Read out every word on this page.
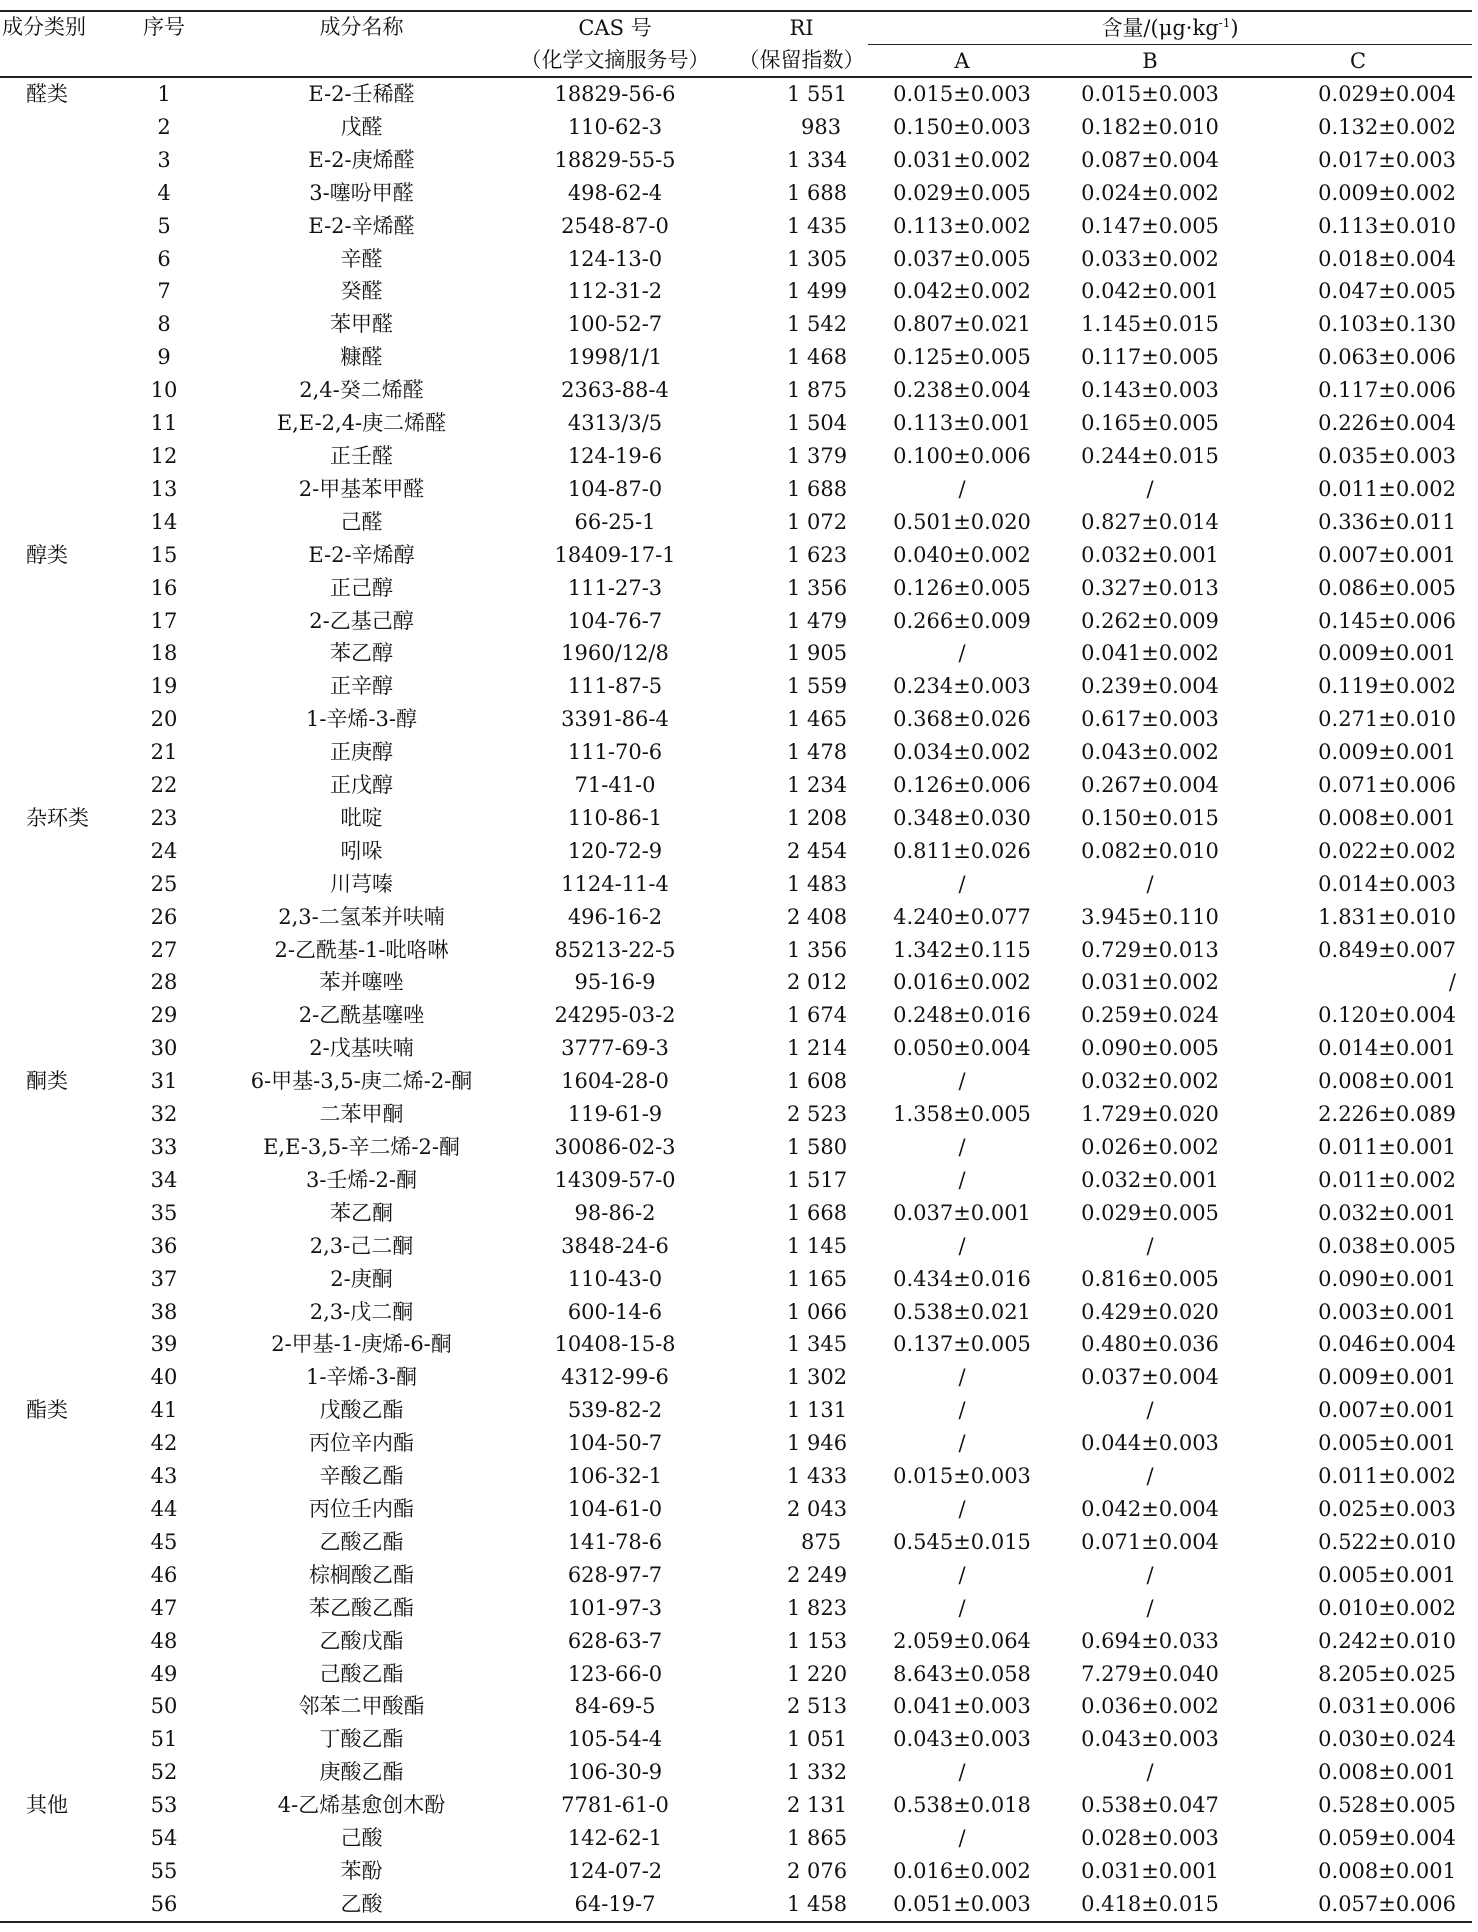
成分类别	序号	成分名称	CAS 号	RI	含量$/(\mu g\cdot kg^{-1})$		
			（化学文摘服务号）	（保留指数）	A	B	C
醛类	1	E-2-壬稀醛	18829-56-6	1 551	0.015±0.003	0.015±0.003	0.029±0.004
	2	戊醛	110-62-3	983	0.150±0.003	0.182±0.010	0.132±0.002
	3	E-2-庚烯醛	18829-55-5	1 334	0.031±0.002	0.087±0.004	0.017±0.003
	4	3-噻吩甲醛	498-62-4	1 688	0.029±0.005	0.024±0.002	0.009±0.002
	5	E-2-辛烯醛	2548-87-0	1 435	0.113±0.002	0.147±0.005	0.113±0.010
	6	辛醛	124-13-0	1 305	0.037±0.005	0.033±0.002	0.018±0.004
	7	癸醛	112-31-2	1 499	0.042±0.002	0.042±0.001	0.047±0.005
	8	苯甲醛	100-52-7	1 542	0.807±0.021	1.145±0.015	0.103±0.130
	9	糠醛	1998/1/1	1 468	0.125±0.005	0.117±0.005	0.063±0.006
	10	2,4-癸二烯醛	2363-88-4	1 875	0.238±0.004	0.143±0.003	0.117±0.006
	11	E,E-2,4-庚二烯醛	4313/3/5	1 504	0.113±0.001	0.165±0.005	0.226±0.004
	12	正壬醛	124-19-6	1 379	0.100±0.006	0.244±0.015	0.035±0.003
	13	2-甲基苯甲醛	104-87-0	1 688	/	/	0.011±0.002
	14	己醛	66-25-1	1 072	0.501±0.020	0.827±0.014	0.336±0.011
醇类	15	E-2-辛烯醇	18409-17-1	1 623	0.040±0.002	0.032±0.001	0.007±0.001
	16	正己醇	111-27-3	1 356	0.126±0.005	0.327±0.013	0.086±0.005
	17	2-乙基己醇	104-76-7	1 479	0.266±0.009	0.262±0.009	0.145±0.006
	18	苯乙醇	1960/12/8	1 905	/	0.041±0.002	0.009±0.001
	19	正辛醇	111-87-5	1 559	0.234±0.003	0.239±0.004	0.119±0.002
	20	1-辛烯-3-醇	3391-86-4	1 465	0.368±0.026	0.617±0.003	0.271±0.010
	21	正庚醇	111-70-6	1 478	0.034±0.002	0.043±0.002	0.009±0.001
	22	正戊醇	71-41-0	1 234	0.126±0.006	0.267±0.004	0.071±0.006
杂环类	23	吡啶	110-86-1	1 208	0.348±0.030	0.150±0.015	0.008±0.001
	24	吲哚	120-72-9	2 454	0.811±0.026	0.082±0.010	0.022±0.002
	25	川芎嗪	1124-11-4	1 483	/	/	0.014±0.003
	26	2,3-二氢苯并呋喃	496-16-2	2 408	4.240±0.077	3.945±0.110	1.831±0.010
	27	2-乙酰基-1-吡咯啉	85213-22-5	1 356	1.342±0.115	0.729±0.013	0.849±0.007
	28	苯并噻唑	95-16-9	2 012	0.016±0.002	0.031±0.002	/
	29	2-乙酰基噻唑	24295-03-2	1 674	0.248±0.016	0.259±0.024	0.120±0.004
	30	2-戊基呋喃	3777-69-3	1 214	0.050±0.004	0.090±0.005	0.014±0.001
酮类	31	6-甲基-3,5-庚二烯-2-酮	1604-28-0	1 608	/	0.032±0.002	0.008±0.001
	32	二苯甲酮	119-61-9	2 523	1.358±0.005	1.729±0.020	2.226±0.089
	33	E,E-3,5-辛二烯-2-酮	30086-02-3	1 580	/	0.026±0.002	0.011±0.001
	34	3-壬烯-2-酮	14309-57-0	1 517	/	0.032±0.001	0.011±0.002
	35	苯乙酮	98-86-2	1 668	0.037±0.001	0.029±0.005	0.032±0.001
	36	2,3-己二酮	3848-24-6	1 145	/	/	0.038±0.005
	37	2-庚酮	110-43-0	1 165	0.434±0.016	0.816±0.005	0.090±0.001
	38	2,3-戊二酮	600-14-6	1 066	0.538±0.021	0.429±0.020	0.003±0.001
	39	2-甲基-1-庚烯-6-酮	10408-15-8	1 345	0.137±0.005	0.480±0.036	0.046±0.004
	40	1-辛烯-3-酮	4312-99-6	1 302	/	0.037±0.004	0.009±0.001
酯类	41	戊酸乙酯	539-82-2	1 131	/	/	0.007±0.001
	42	丙位辛内酯	104-50-7	1 946	/	0.044±0.003	0.005±0.001
	43	辛酸乙酯	106-32-1	1 433	0.015±0.003	/	0.011±0.002
	44	丙位壬内酯	104-61-0	2 043	/	0.042±0.004	0.025±0.003
	45	乙酸乙酯	141-78-6	875	0.545±0.015	0.071±0.004	0.522±0.010
	46	棕榈酸乙酯	628-97-7	2 249	/	/	0.005±0.001
	47	苯乙酸乙酯	101-97-3	1 823	/	/	0.010±0.002
	48	乙酸戊酯	628-63-7	1 153	2.059±0.064	0.694±0.033	0.242±0.010
	49	己酸乙酯	123-66-0	1 220	8.643±0.058	7.279±0.040	8.205±0.025
	50	邻苯二甲酸酯	84-69-5	2 513	0.041±0.003	0.036±0.002	0.031±0.006
	51	丁酸乙酯	105-54-4	1 051	0.043±0.003	0.043±0.003	0.030±0.024
	52	庚酸乙酯	106-30-9	1 332	/	/	0.008±0.001
其他	53	4-乙烯基愈创木酚	7781-61-0	2 131	0.538±0.018	0.538±0.047	0.528±0.005
	54	己酸	142-62-1	1 865	/	0.028±0.003	0.059±0.004
	55	苯酚	124-07-2	2 076	0.016±0.002	0.031±0.001	0.008±0.001
	56	乙酸	64-19-7	1 458	0.051±0.003	0.418±0.015	0.057±0.006
